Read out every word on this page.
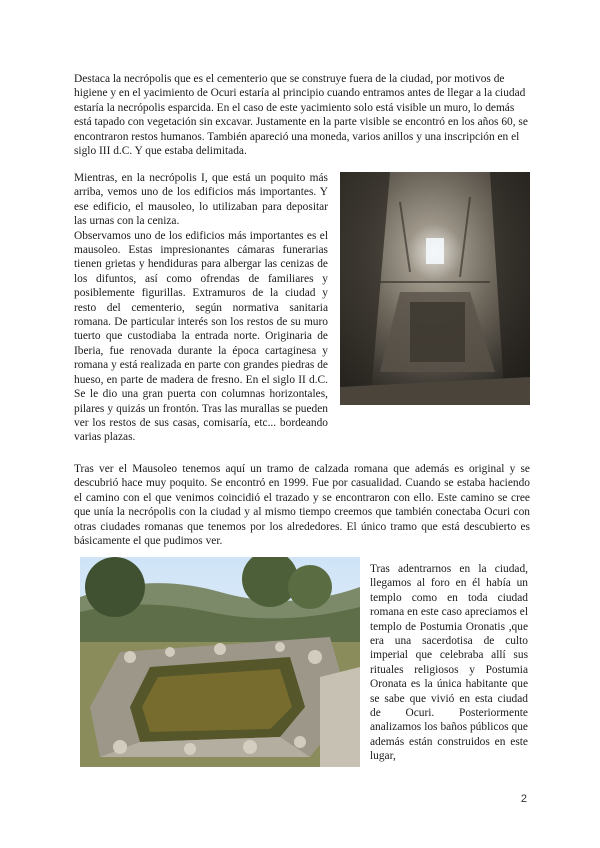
Destaca la necrópolis que es el cementerio que se construye fuera de la ciudad, por motivos de higiene y en el yacimiento de Ocuri estaría al principio cuando entramos antes de llegar a la ciudad estaría la necrópolis esparcida. En el caso de este yacimiento solo está visible un muro, lo demás está tapado con vegetación sin excavar. Justamente en la parte visible se encontró en los años 60, se encontraron restos humanos. También apareció una moneda, varios anillos y una inscripción en el siglo III d.C. Y que estaba delimitada.

Mientras, en la necrópolis I, que está un poquito más arriba, vemos uno de los edificios más importantes. Y ese edificio, el mausoleo, lo utilizaban para depositar las urnas con la ceniza.
Observamos uno de los edificios más importantes es el mausoleo. Estas impresionantes cámaras funerarias tienen grietas y hendiduras para albergar las cenizas de los difuntos, así como ofrendas de familiares y posiblemente figurillas. Extramuros de la ciudad y resto del cementerio, según normativa sanitaria romana. De particular interés son los restos de su muro tuerto que custodiaba la entrada norte. Originaria de Iberia, fue renovada durante la época cartaginesa y romana y está realizada en parte con grandes piedras de hueso, en parte de madera de fresno. En el siglo II d.C. Se le dio una gran puerta con columnas horizontales, pilares y quizás un frontón. Tras las murallas se pueden ver los restos de sus casas, comisaría, etc... bordeando varias plazas.

Tras ver el Mausoleo tenemos aquí un tramo de calzada romana que además es original y se descubrió hace muy poquito. Se encontró en 1999. Fue por casualidad. Cuando se estaba haciendo el camino con el que venimos coincidió el trazado y se encontraron con ello. Este camino se cree que unía la necrópolis con la ciudad y al mismo tiempo creemos que también conectaba Ocuri con otras ciudades romanas que tenemos por los alrededores. El único tramo que está descubierto es básicamente el que pudimos ver.

Tras adentrarnos en la ciudad, llegamos al foro en él había un templo como en toda ciudad romana en este caso apreciamos el templo de Postumia Oronatis ,que era una sacerdotisa de culto imperial que celebraba allí sus rituales religiosos y Postumia Oronata es la única habitante que se sabe que vivió en esta ciudad de Ocuri. Posteriormente analizamos los baños públicos que además están construidos en este lugar,

2
